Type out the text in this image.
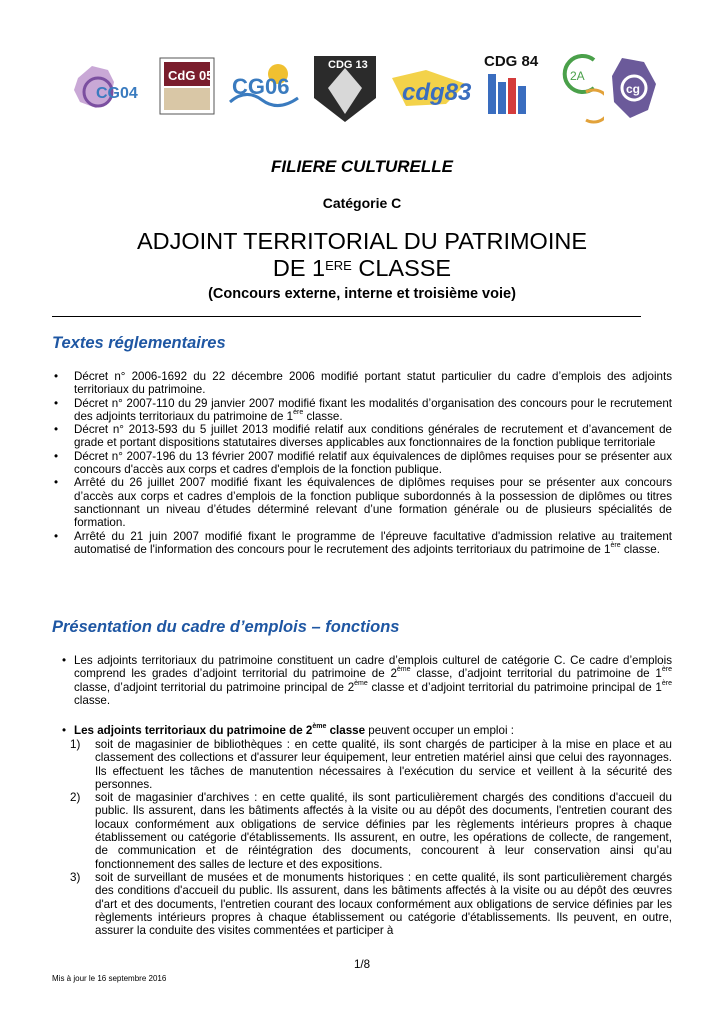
CG04
CdG 05 CG06
CDG 13
cdg83
CDG 84
2A
cg
FILIERE CULTURELLE
Catégorie C
ADJOINT TERRITORIAL DU PATRIMOINE
DE 1ERE CLASSE
(Concours externe, interne et troisième voie)
Textes réglementaires
• Décret n° 2006-1692 du 22 décembre 2006 modifié portant statut particulier du cadre d’emplois des adjoints territoriaux du patrimoine.
• Décret n° 2007-110 du 29 janvier 2007 modifié fixant les modalités d’organisation des concours pour le recrutement des adjoints territoriaux du patrimoine de 1ère classe.
• Décret n° 2013-593 du 5 juillet 2013 modifié relatif aux conditions générales de recrutement et d’avancement de grade et portant dispositions statutaires diverses applicables aux fonctionnaires de la fonction publique territoriale
• Décret n° 2007-196 du 13 février 2007 modifié relatif aux équivalences de diplômes requises pour se présenter aux concours d'accès aux corps et cadres d'emplois de la fonction publique.
• Arrêté du 26 juillet 2007 modifié fixant les équivalences de diplômes requises pour se présenter aux concours d’accès aux corps et cadres d’emplois de la fonction publique subordonnés à la possession de diplômes ou titres sanctionnant un niveau d’études déterminé relevant d’une formation générale ou de plusieurs spécialités de formation.
• Arrêté du 21 juin 2007 modifié fixant le programme de l'épreuve facultative d'admission relative au traitement automatisé de l'information des concours pour le recrutement des adjoints territoriaux du patrimoine de 1ère classe.
Présentation du cadre d’emplois – fonctions
• Les adjoints territoriaux du patrimoine constituent un cadre d’emplois culturel de catégorie C. Ce cadre d’emplois comprend les grades d’adjoint territorial du patrimoine de 2ème classe, d’adjoint territorial du patrimoine de 1ère classe, d’adjoint territorial du patrimoine principal de 2ème classe et d’adjoint territorial du patrimoine principal de 1ère classe.
• Les adjoints territoriaux du patrimoine de 2ème classe peuvent occuper un emploi :
1) soit de magasinier de bibliothèques : en cette qualité, ils sont chargés de participer à la mise en place et au classement des collections et d'assurer leur équipement, leur entretien matériel ainsi que celui des rayonnages. Ils effectuent les tâches de manutention nécessaires à l'exécution du service et veillent à la sécurité des personnes.
2) soit de magasinier d'archives : en cette qualité, ils sont particulièrement chargés des conditions d'accueil du public. Ils assurent, dans les bâtiments affectés à la visite ou au dépôt des documents, l'entretien courant des locaux conformément aux obligations de service définies par les règlements intérieurs propres à chaque établissement ou catégorie d'établissements. Ils assurent, en outre, les opérations de collecte, de rangement, de communication et de réintégration des documents, concourent à leur conservation ainsi qu’au fonctionnement des salles de lecture et des expositions.
3) soit de surveillant de musées et de monuments historiques : en cette qualité, ils sont particulièrement chargés des conditions d'accueil du public. Ils assurent, dans les bâtiments affectés à la visite ou au dépôt des œuvres d'art et des documents, l'entretien courant des locaux conformément aux obligations de service définies par les règlements intérieurs propres à chaque établissement ou catégorie d'établissements. Ils peuvent, en outre, assurer la conduite des visites commentées et participer à
1/8
Mis à jour le 16 septembre 2016
